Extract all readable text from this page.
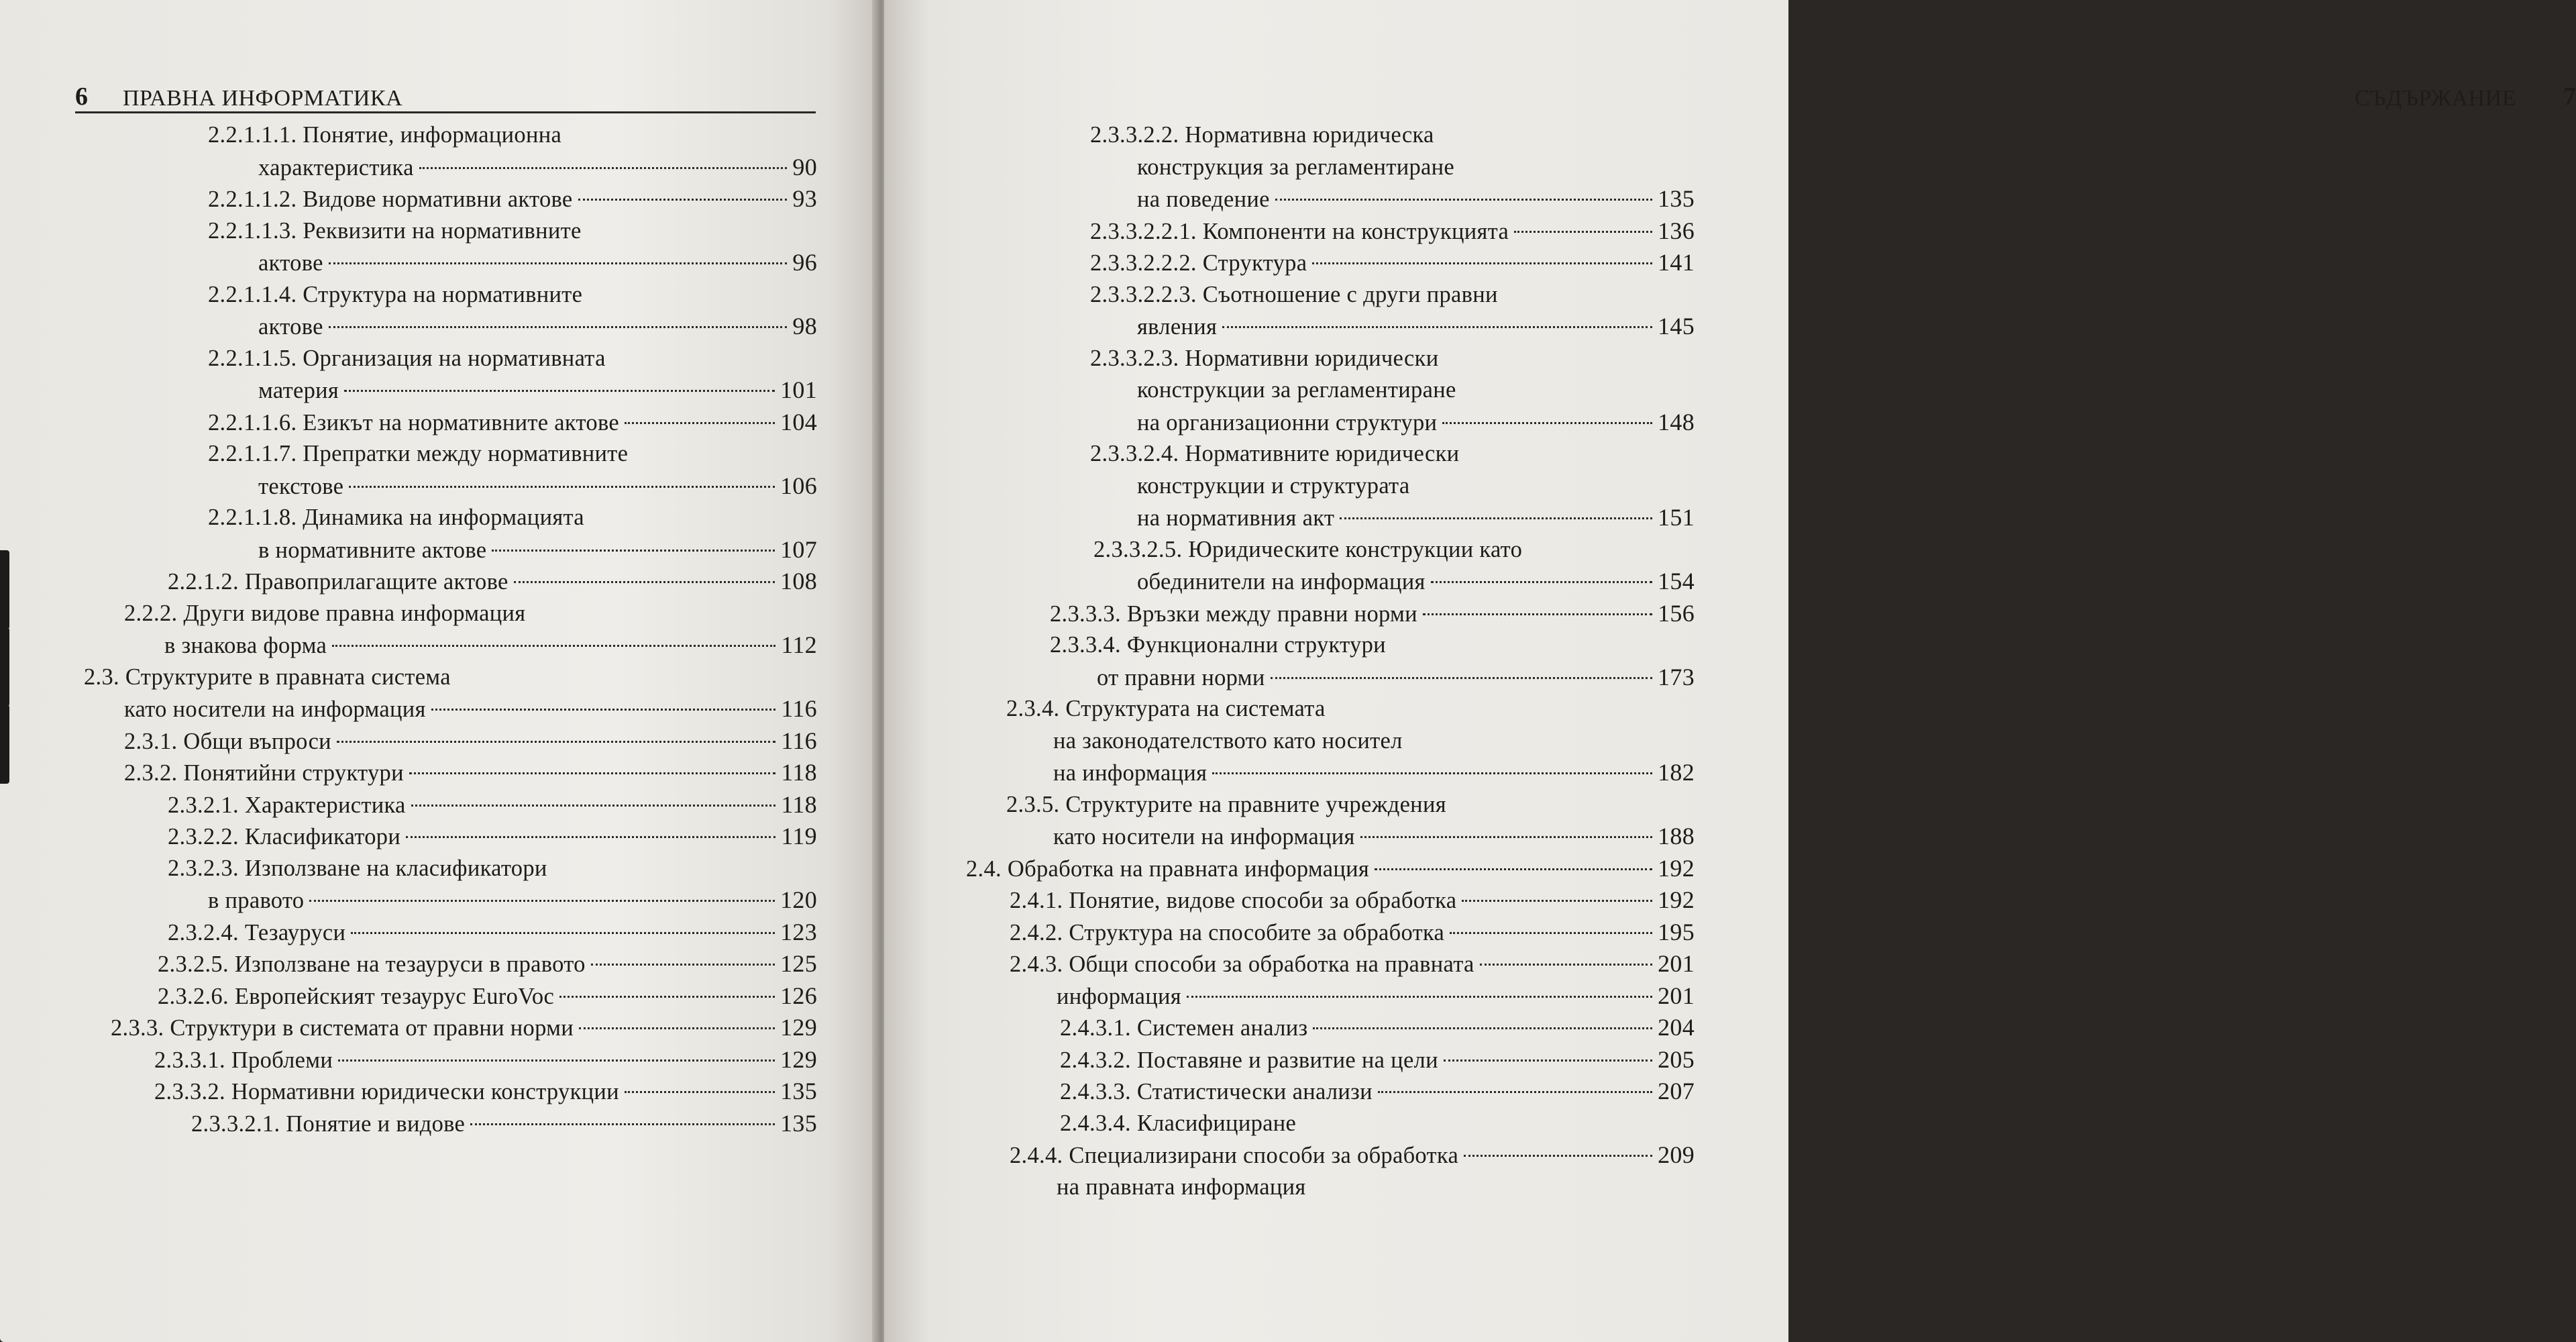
6 ПРАВНА ИНФОРМАТИКА
2.2.1.1.1. Понятие, информационна
характеристика	90
2.2.1.1.2. Видове нормативни актове	93
2.2.1.1.3. Реквизити на нормативните
актове	96
2.2.1.1.4. Структура на нормативните
актове	98
2.2.1.1.5. Организация на нормативната
материя	101
2.2.1.1.6. Езикът на нормативните актове	104
2.2.1.1.7. Препратки между нормативните
текстове	106
2.2.1.1.8. Динамика на информацията
в нормативните актове	107
2.2.1.2. Правоприлагащите актове	108
2.2.2. Други видове правна информация
в знакова форма	112
2.3. Структурите в правната система
като носители на информация	116
2.3.1. Общи въпроси	116
2.3.2. Понятийни структури	118
2.3.2.1. Характеристика	118
2.3.2.2. Класификатори	119
2.3.2.3. Използване на класификатори
в правото	120
2.3.2.4. Тезауруси	123
2.3.2.5. Използване на тезауруси в правото	125
2.3.2.6. Европейският тезаурус EuroVoc	126
2.3.3. Структури в системата от правни норми	129
2.3.3.1. Проблеми	129
2.3.3.2. Нормативни юридически конструкции	135
2.3.3.2.1. Понятие и видове	135
СЪДЪРЖАНИЕ 7
2.3.3.2.2. Нормативна юридическа
конструкция за регламентиране
на поведение	135
2.3.3.2.2.1. Компоненти на конструкцията	136
2.3.3.2.2.2. Структура	141
2.3.3.2.2.3. Съотношение с други правни
явления	145
2.3.3.2.3. Нормативни юридически
конструкции за регламентиране
на организационни структури	148
2.3.3.2.4. Нормативните юридически
конструкции и структурата
на нормативния акт	151
2.3.3.2.5. Юридическите конструкции като
обединители на информация	154
2.3.3.3. Връзки между правни норми	156
2.3.3.4. Функционални структури
от правни норми	173
2.3.4. Структурата на системата
на законодателството като носител
на информация	182
2.3.5. Структурите на правните учреждения
като носители на информация	188
2.4. Обработка на правната информация	192
2.4.1. Понятие, видове способи за обработка	192
2.4.2. Структура на способите за обработка	195
2.4.3. Общи способи за обработка на правната	201
информация	201
2.4.3.1. Системен анализ	204
2.4.3.2. Поставяне и развитие на цели	205
2.4.3.3. Статистически анализи	207
2.4.3.4. Класифициране
2.4.4. Специализирани способи за обработка	209
на правната информация
